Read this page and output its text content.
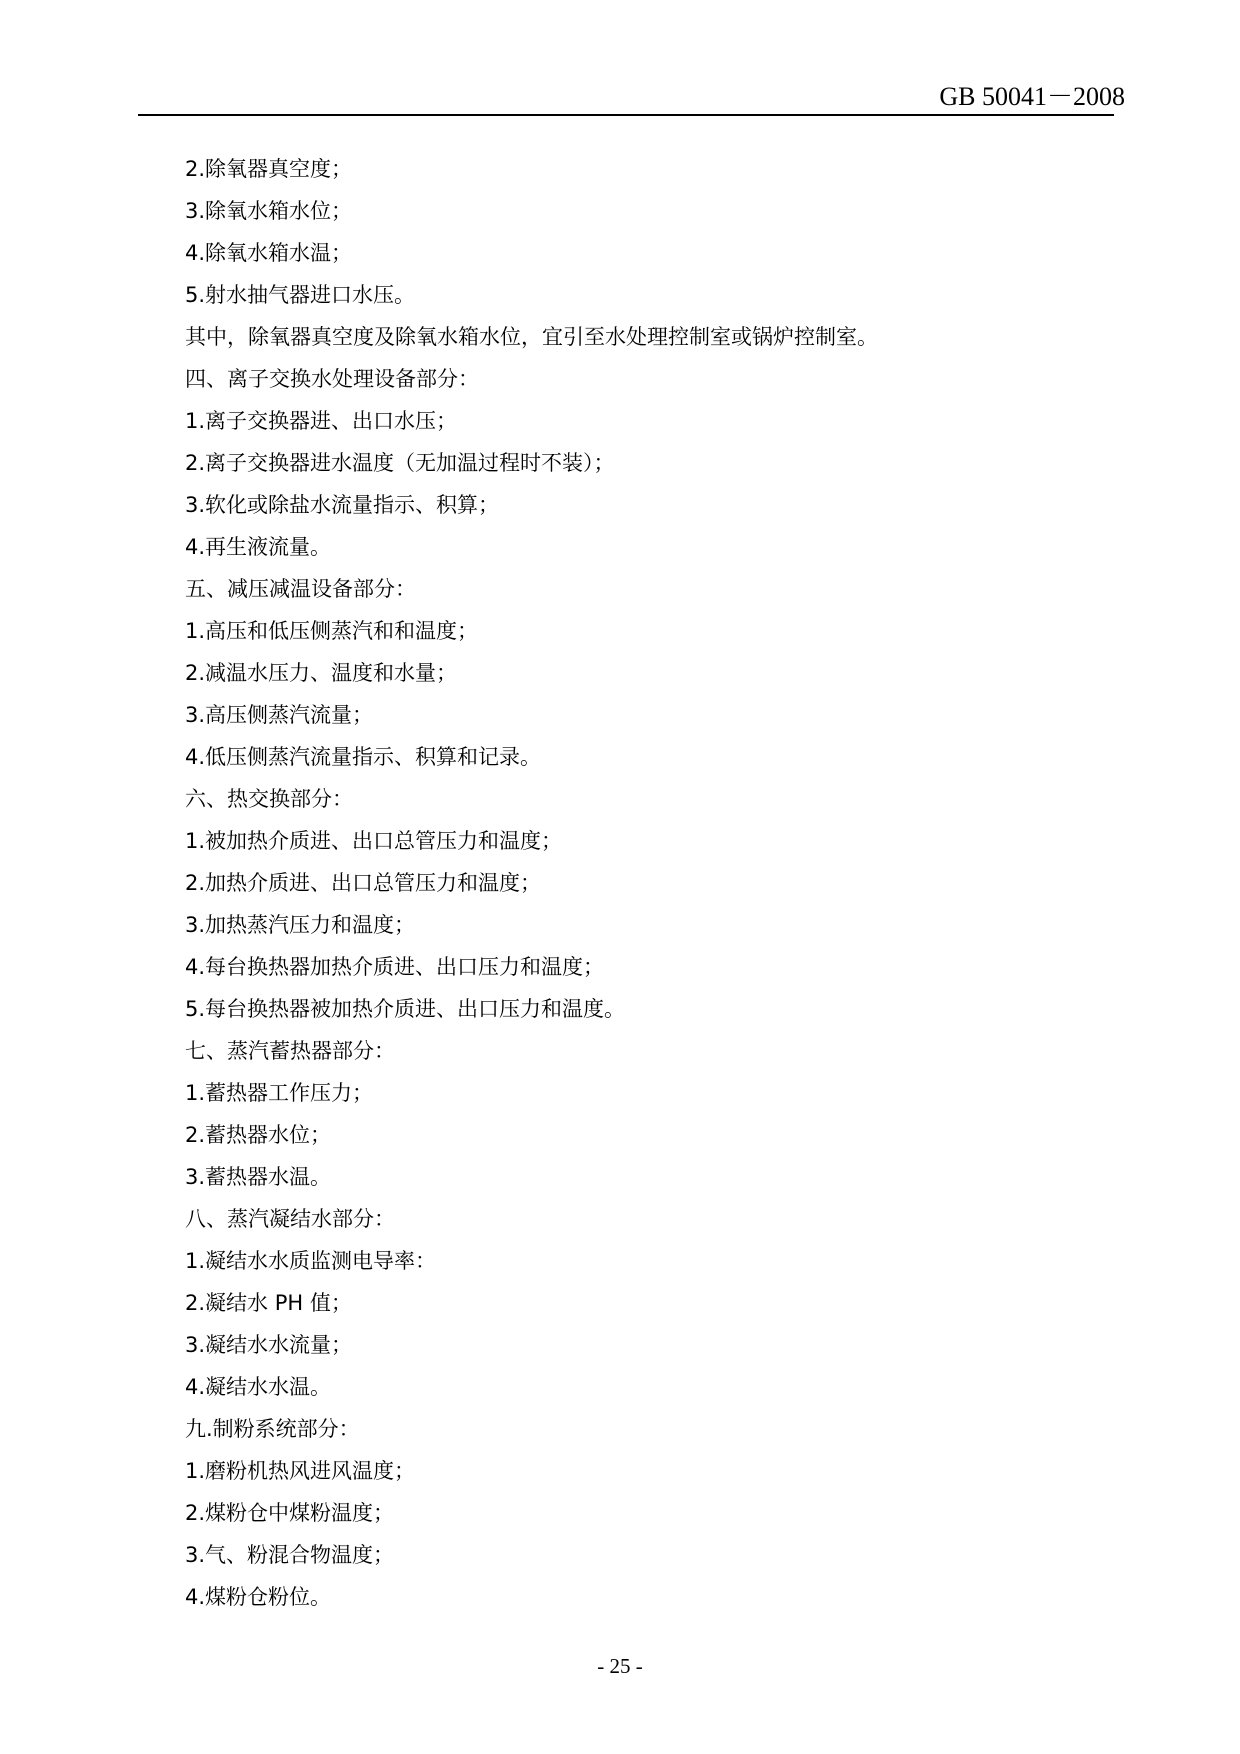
GB 50041－2008
2.除氧器真空度；
3.除氧水箱水位；
4.除氧水箱水温；
5.射水抽气器进口水压。
其中，除氧器真空度及除氧水箱水位，宜引至水处理控制室或锅炉控制室。
四、离子交换水处理设备部分：
1.离子交换器进、出口水压；
2.离子交换器进水温度（无加温过程时不装）；
3.软化或除盐水流量指示、积算；
4.再生液流量。
五、减压减温设备部分：
1.高压和低压侧蒸汽和和温度；
2.减温水压力、温度和水量；
3.高压侧蒸汽流量；
4.低压侧蒸汽流量指示、积算和记录。
六、热交换部分：
1.被加热介质进、出口总管压力和温度；
2.加热介质进、出口总管压力和温度；
3.加热蒸汽压力和温度；
4.每台换热器加热介质进、出口压力和温度；
5.每台换热器被加热介质进、出口压力和温度。
七、蒸汽蓄热器部分：
1.蓄热器工作压力；
2.蓄热器水位；
3.蓄热器水温。
八、蒸汽凝结水部分：
1.凝结水水质监测电导率：
2.凝结水 PH 值；
3.凝结水水流量；
4.凝结水水温。
九.制粉系统部分：
1.磨粉机热风进风温度；
2.煤粉仓中煤粉温度；
3.气、粉混合物温度；
4.煤粉仓粉位。
- 25 -
